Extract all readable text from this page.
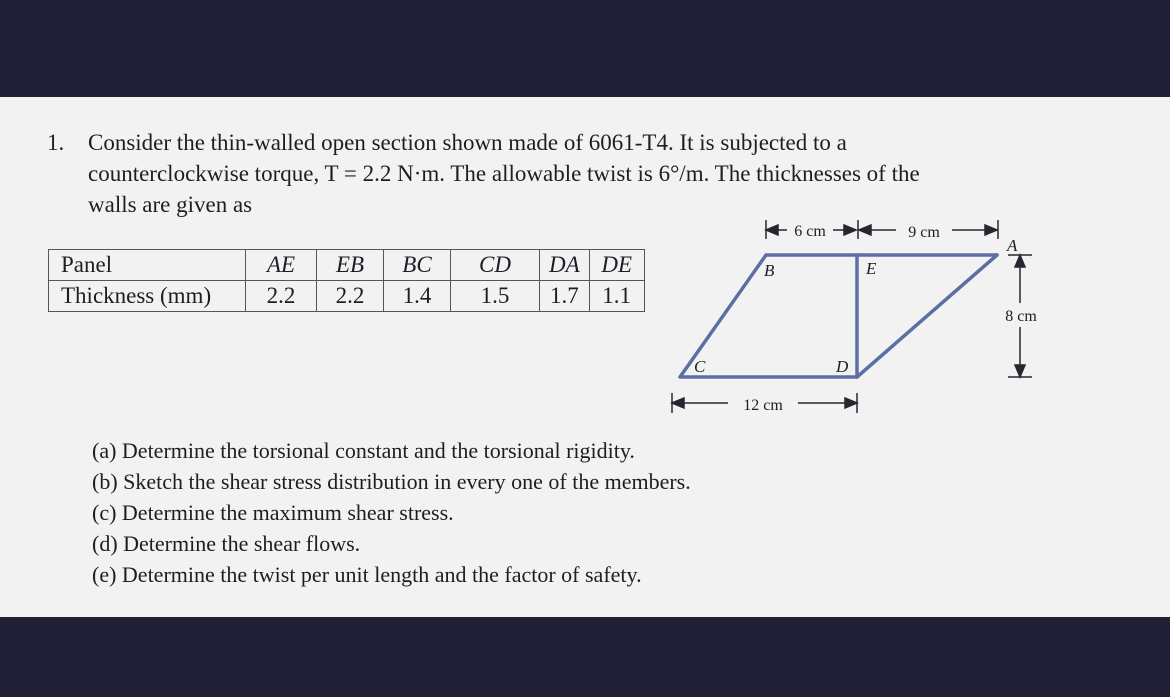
1. Consider the thin-walled open section shown made of 6061-T4. It is subjected to a
counterclockwise torque, T = 2.2 N·m. The allowable twist is 6°/m. The thicknesses of the
walls are given as
Panel	AE	EB	BC	CD	DA	DE
Thickness (mm)	2.2	2.2	1.4	1.5	1.7	1.1
6 cm	9 cm
8 cm
12 cm
A
B
C	D
E
(a) Determine the torsional constant and the torsional rigidity.
(b) Sketch the shear stress distribution in every one of the members.
(c) Determine the maximum shear stress.
(d) Determine the shear flows.
(e) Determine the twist per unit length and the factor of safety.
